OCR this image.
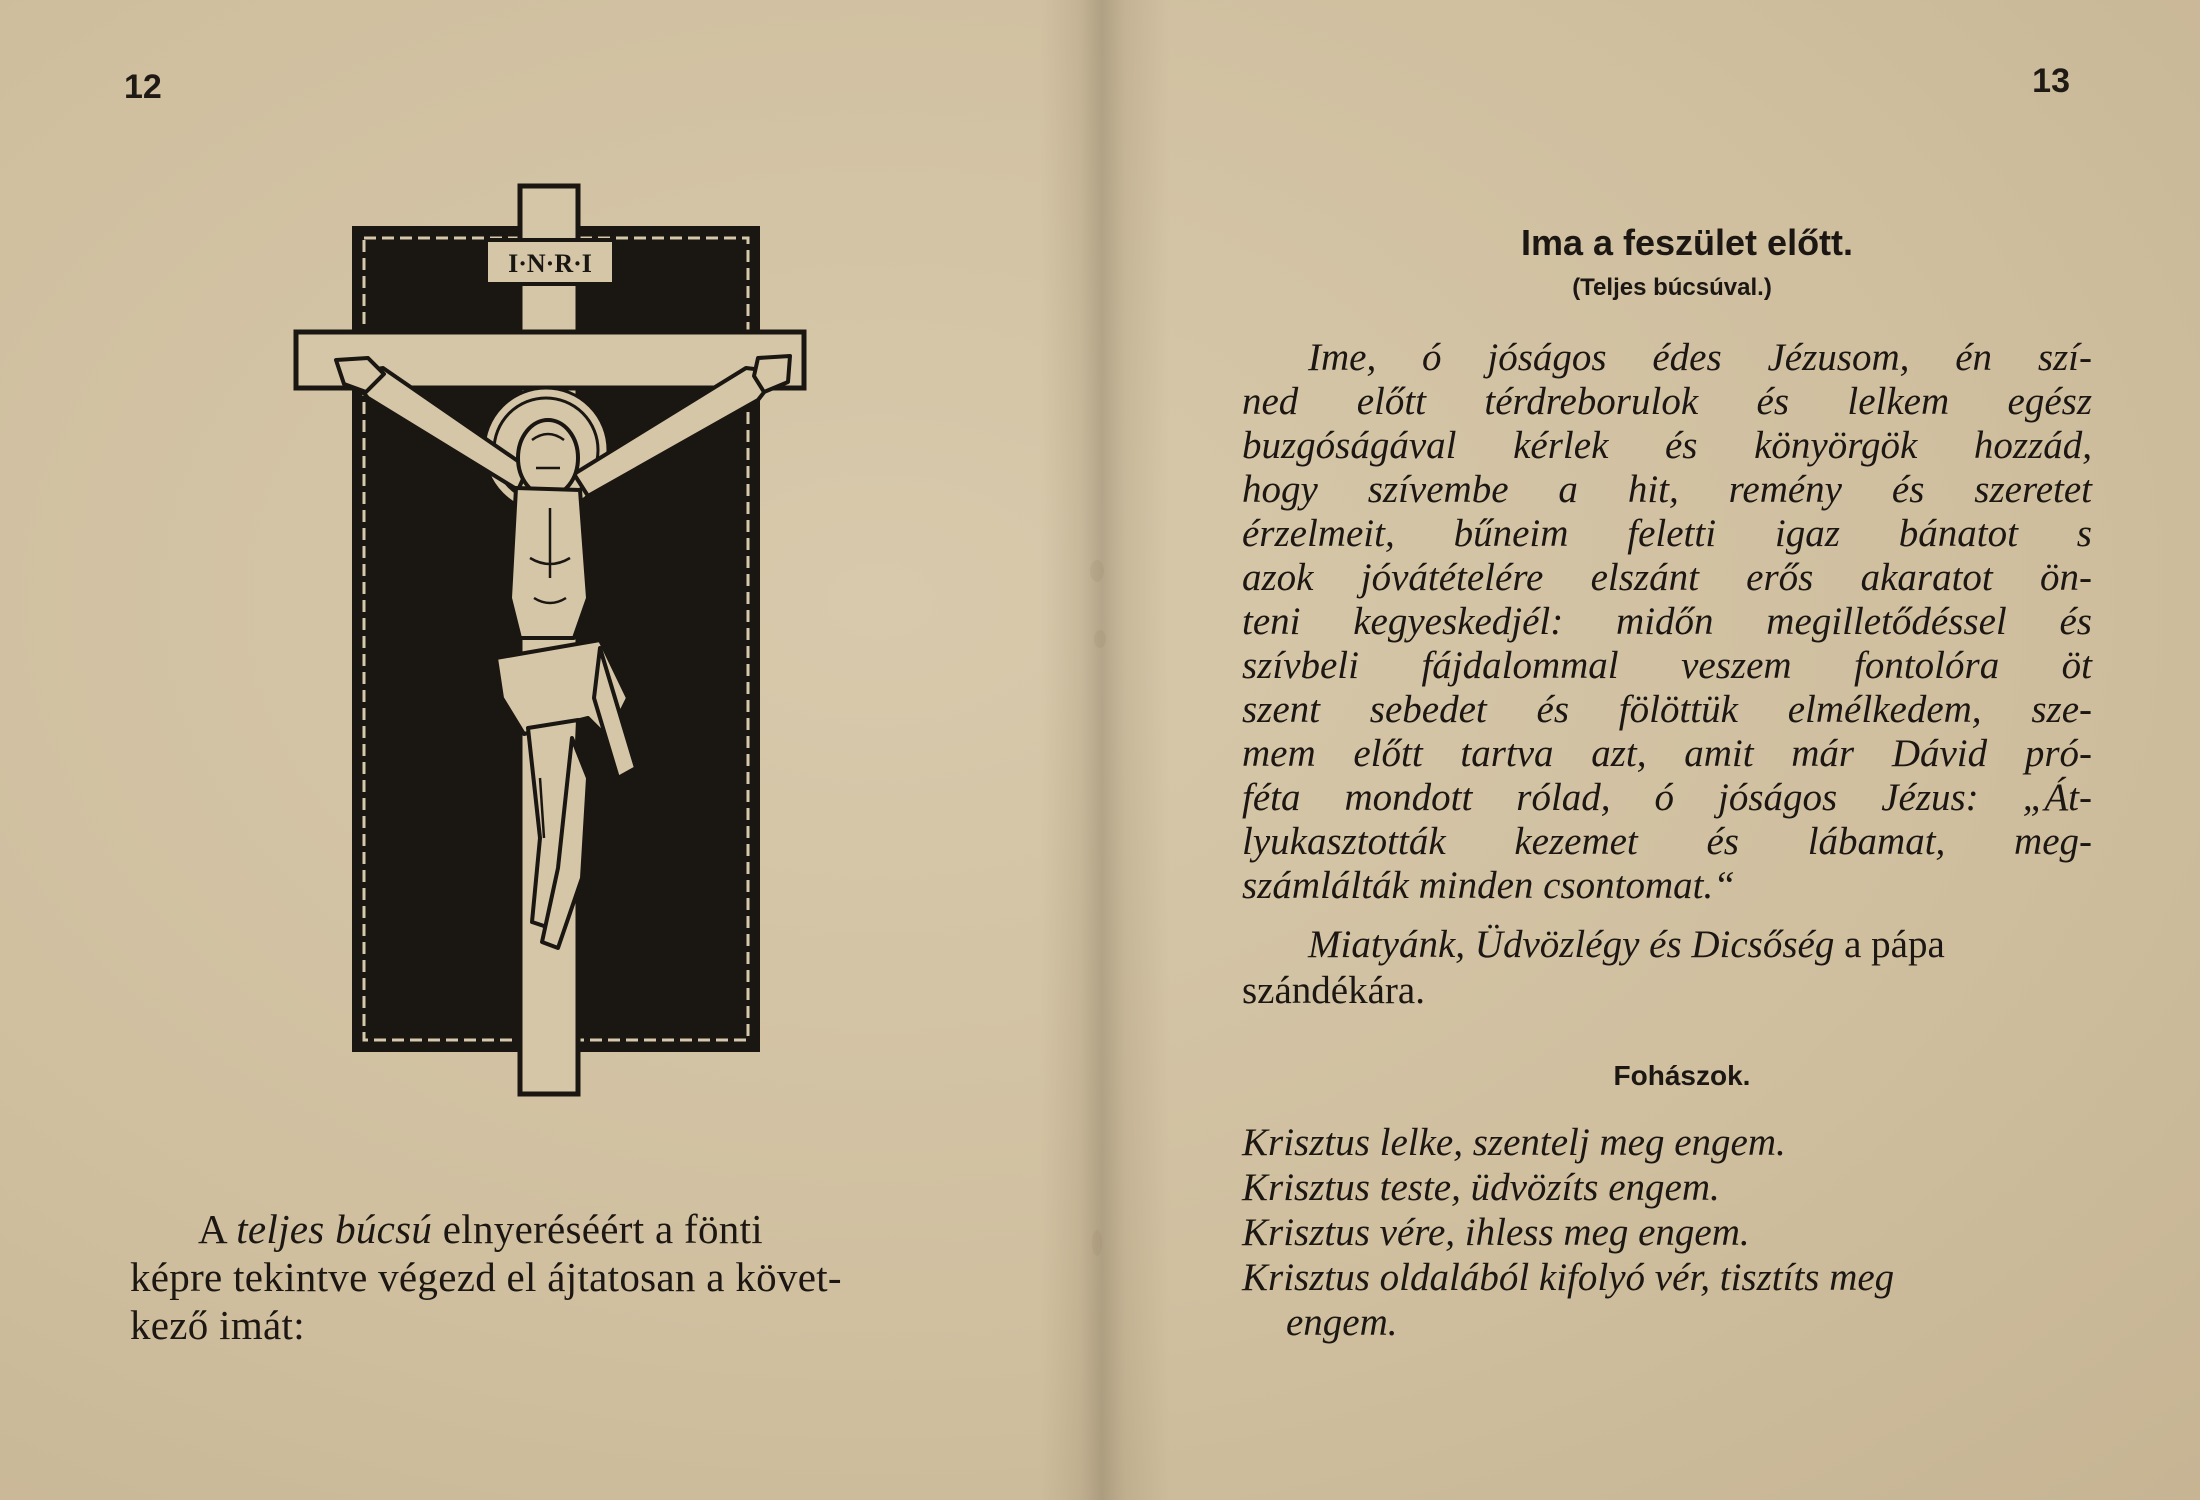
12
I·N·R·I
A teljes búcsú elnyeréséért a fönti
képre tekintve végezd el ájtatosan a követ-
kező imát:
13
Ima a feszület előtt.
(Teljes búcsúval.)
Ime, ó jóságos édes Jézusom, én szí-
ned előtt térdreborulok és lelkem egész
buzgóságával kérlek és könyörgök hozzád,
hogy szívembe a hit, remény és szeretet
érzelmeit, bűneim feletti igaz bánatot s
azok jóvátételére elszánt erős akaratot ön-
teni kegyeskedjél: midőn megilletődéssel és
szívbeli fájdalommal veszem fontolóra öt
szent sebedet és fölöttük elmélkedem, sze-
mem előtt tartva azt, amit már Dávid pró-
féta mondott rólad, ó jóságos Jézus: „Át-
lyukasztották kezemet és lábamat, meg-
számlálták minden csontomat.“
Miatyánk, Üdvözlégy és Dicsőség a pápa
szándékára.
Fohászok.
Krisztus lelke, szentelj meg engem.
Krisztus teste, üdvözíts engem.
Krisztus vére, ihless meg engem.
Krisztus oldalából kifolyó vér, tisztíts meg
engem.
